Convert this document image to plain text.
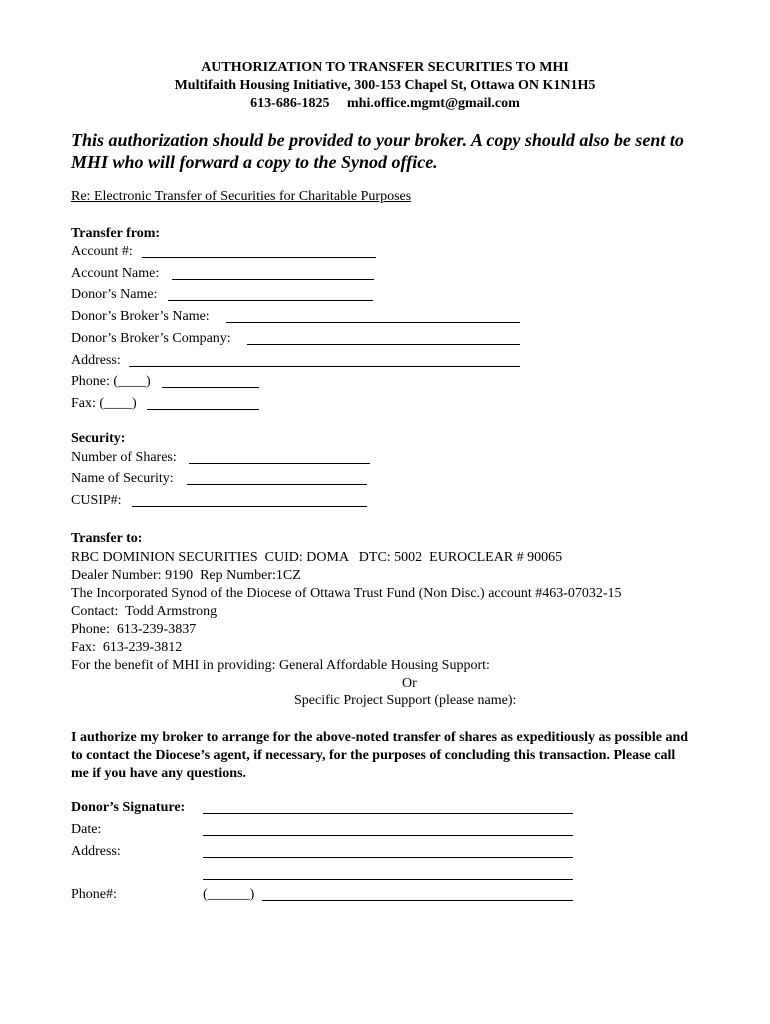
AUTHORIZATION TO TRANSFER SECURITIES TO MHI
Multifaith Housing Initiative, 300-153 Chapel St, Ottawa ON K1N1H5
613-686-1825     mhi.office.mgmt@gmail.com
This authorization should be provided to your broker. A copy should also be sent to MHI who will forward a copy to the Synod office.
Re: Electronic Transfer of Securities for Charitable Purposes
Transfer from:
Account #:
Account Name:
Donor’s Name:
Donor’s Broker’s Name:
Donor’s Broker’s Company:
Address:
Phone: (____)
Fax: (____)
Security:
Number of Shares:
Name of Security:
CUSIP#:
Transfer to:
RBC DOMINION SECURITIES  CUID: DOMA   DTC: 5002  EUROCLEAR # 90065
Dealer Number: 9190  Rep Number:1CZ
The Incorporated Synod of the Diocese of Ottawa Trust Fund (Non Disc.) account #463-07032-15
Contact:  Todd Armstrong
Phone:  613-239-3837
Fax:  613-239-3812
For the benefit of MHI in providing: General Affordable Housing Support:
Or
Specific Project Support (please name):
I authorize my broker to arrange for the above-noted transfer of shares as expeditiously as possible and to contact the Diocese’s agent, if necessary, for the purposes of concluding this transaction. Please call me if you have any questions.
Donor’s Signature:
Date:
Address:
Phone#:	(______)
